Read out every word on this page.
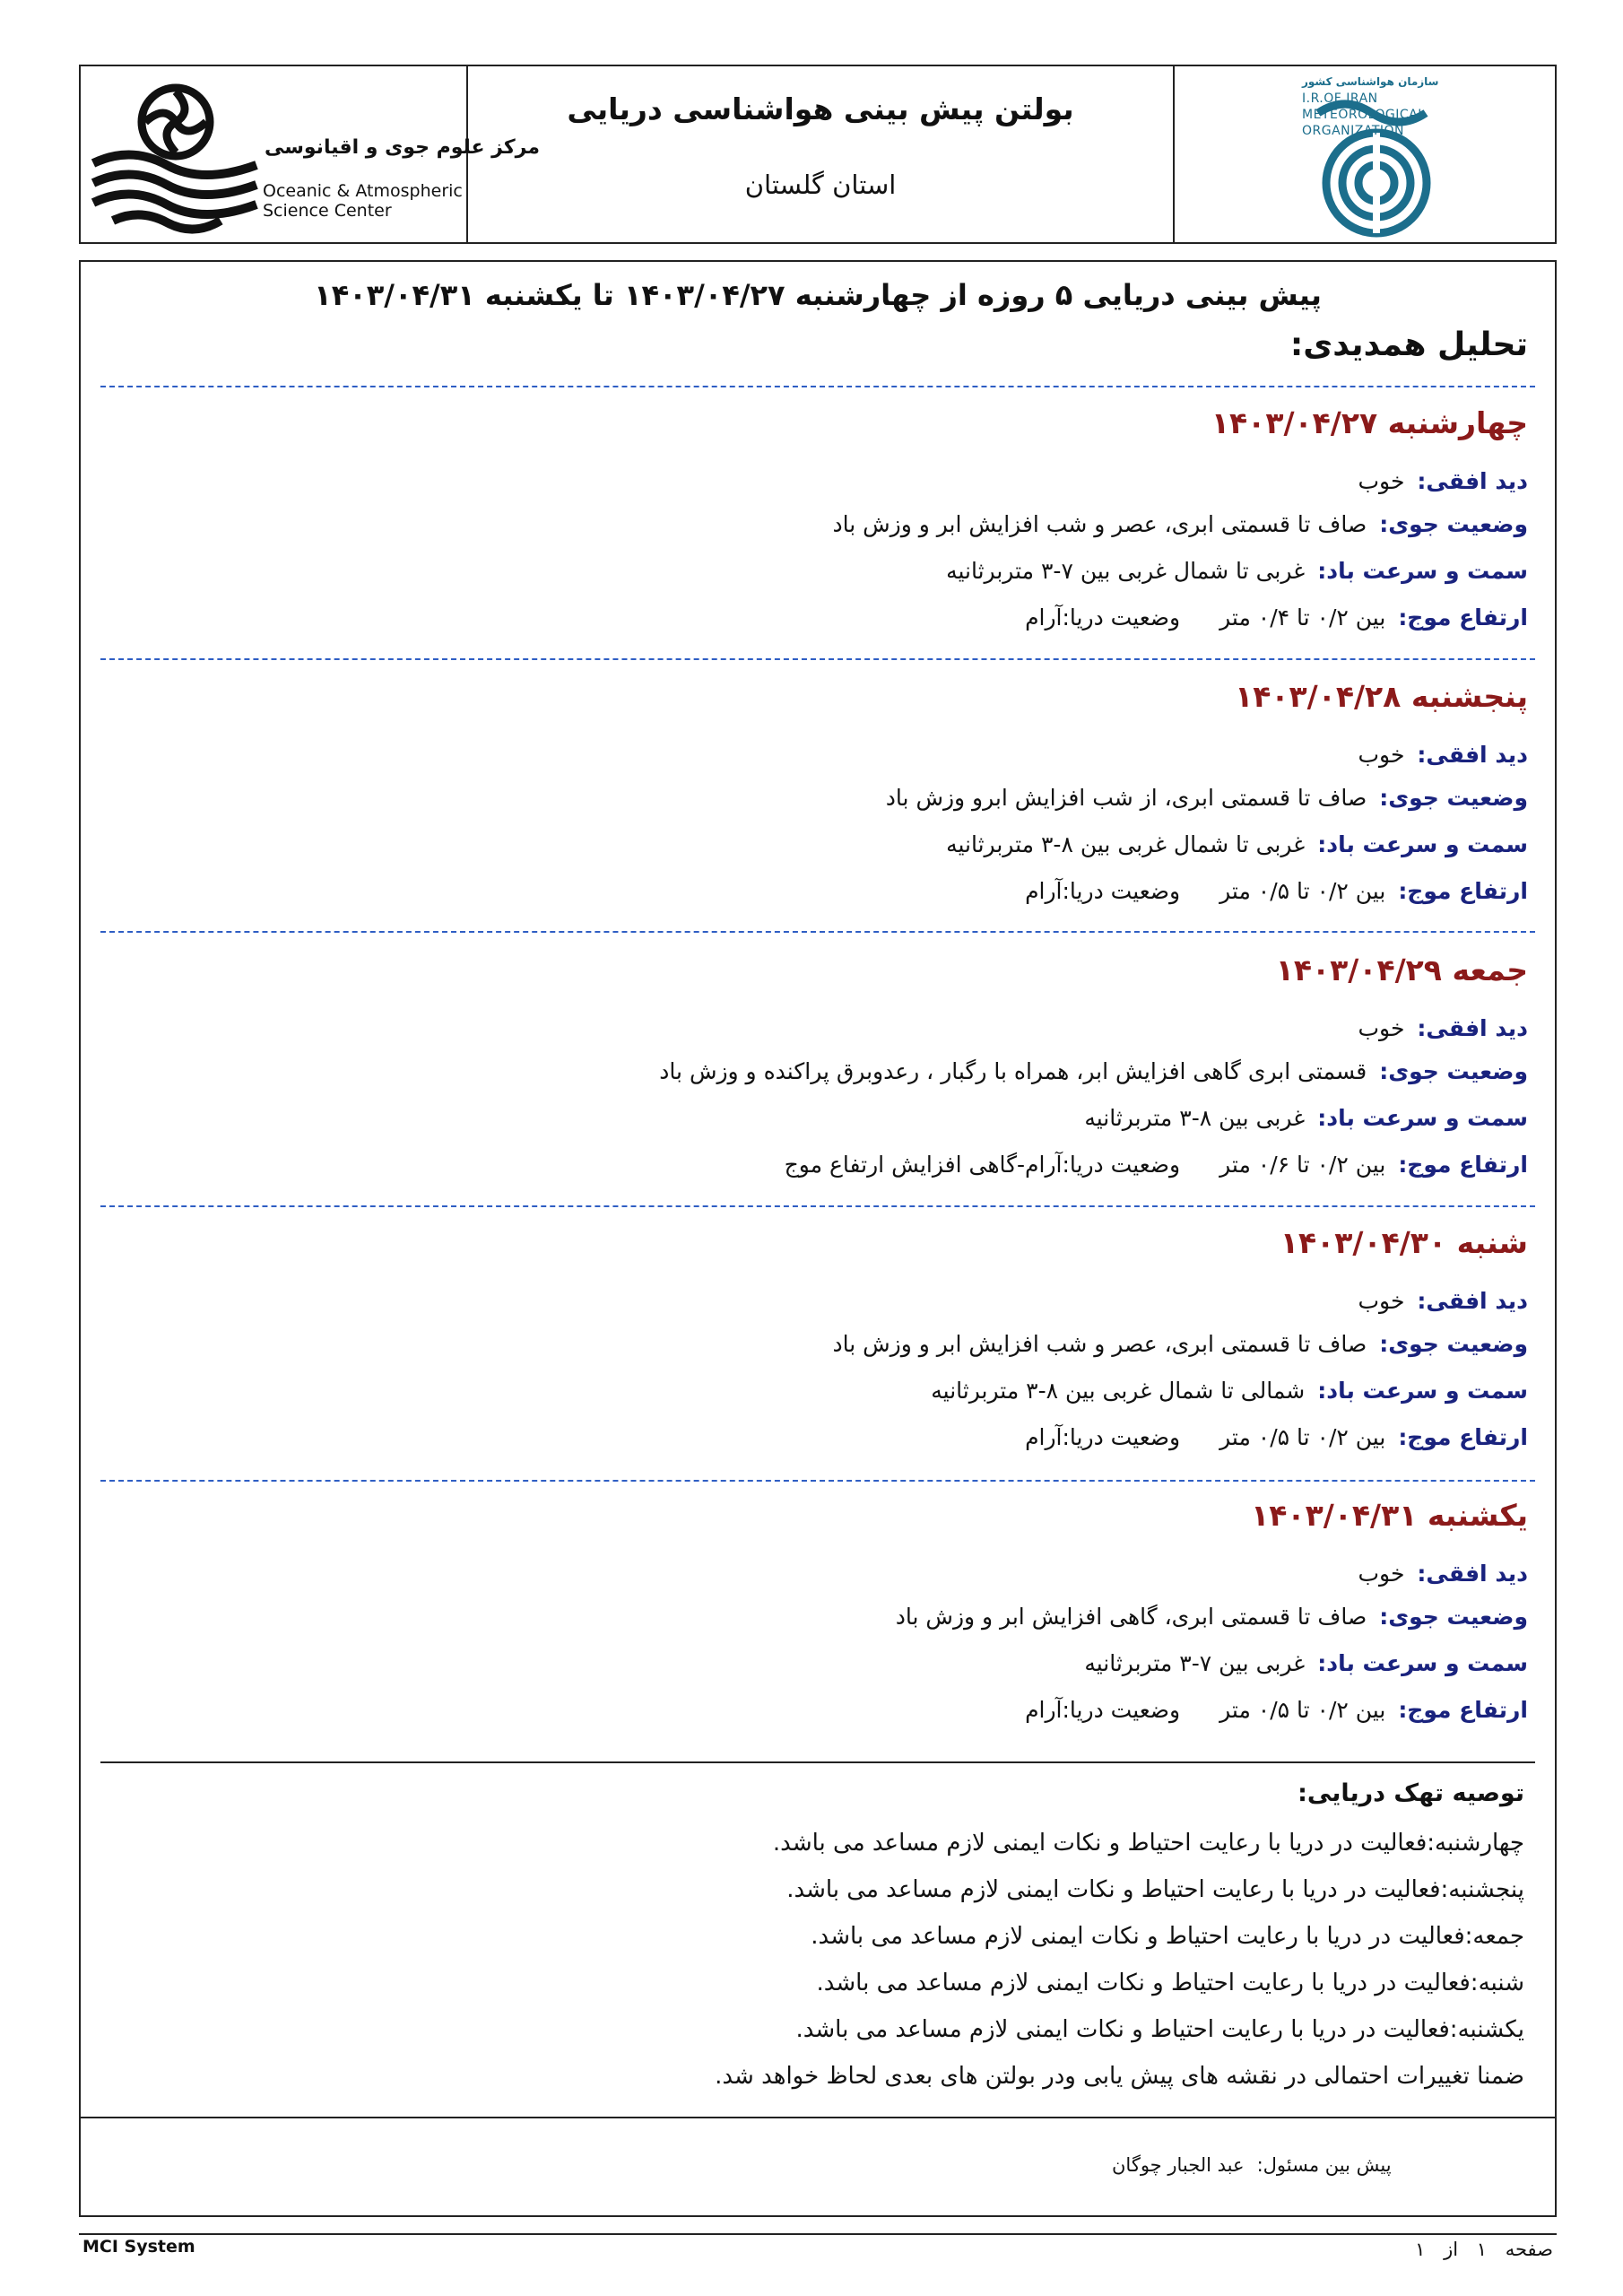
مرکز علوم جوی و اقیانوسی
Oceanic & Atmospheric
Science Center
بولتن پیش بینی هواشناسی دریایی
استان گلستان
سازمان هواشناسی کشور
I.R.OF IRAN
METEOROLOGICAL
ORGANIZATION
پیش بینی دریایی ۵ روزه از چهارشنبه ۱۴۰۳/۰۴/۲۷ تا یکشنبه ۱۴۰۳/۰۴/۳۱
تحلیل همدیدی:
چهارشنبه ۱۴۰۳/۰۴/۲۷
دید افقی:خوب
وضعیت جوی:صاف تا قسمتی ابری، عصر و شب افزایش ابر و وزش باد
سمت و سرعت باد:غربی تا شمال غربی بین ۷-۳ متربرثانیه
ارتفاع موج:بین ۰/۲ تا ۰/۴ متروضعیت دریا:آرام
پنجشنبه ۱۴۰۳/۰۴/۲۸
دید افقی:خوب
وضعیت جوی:صاف تا قسمتی ابری، از شب افزایش ابرو وزش باد
سمت و سرعت باد:غربی تا شمال غربی بین ۸-۳ متربرثانیه
ارتفاع موج:بین ۰/۲ تا ۰/۵ متروضعیت دریا:آرام
جمعه ۱۴۰۳/۰۴/۲۹
دید افقی:خوب
وضعیت جوی:قسمتی ابری گاهی افزایش ابر، همراه با رگبار ، رعدوبرق پراکنده و وزش باد
سمت و سرعت باد:غربی بین ۸-۳ متربرثانیه
ارتفاع موج:بین ۰/۲ تا ۰/۶ متروضعیت دریا:آرام-گاهی افزایش ارتفاع موج
شنبه ۱۴۰۳/۰۴/۳۰
دید افقی:خوب
وضعیت جوی:صاف تا قسمتی ابری، عصر و شب افزایش ابر و وزش باد
سمت و سرعت باد:شمالی تا شمال غربی بین ۸-۳ متربرثانیه
ارتفاع موج:بین ۰/۲ تا ۰/۵ متروضعیت دریا:آرام
یکشنبه ۱۴۰۳/۰۴/۳۱
دید افقی:خوب
وضعیت جوی:صاف تا قسمتی ابری، گاهی افزایش ابر و وزش باد
سمت و سرعت باد:غربی بین ۷-۳ متربرثانیه
ارتفاع موج:بین ۰/۲ تا ۰/۵ متروضعیت دریا:آرام
توصیه تهک دریایی:
چهارشنبه:فعالیت در دریا با رعایت احتیاط و نکات ایمنی لازم مساعد می باشد.
پنجشنبه:فعالیت در دریا با رعایت احتیاط و نکات ایمنی لازم مساعد می باشد.
جمعه:فعالیت در دریا با رعایت احتیاط و نکات ایمنی لازم مساعد می باشد.
شنبه:فعالیت در دریا با رعایت احتیاط و نکات ایمنی لازم مساعد می باشد.
یکشنبه:فعالیت در دریا با رعایت احتیاط و نکات ایمنی لازم مساعد می باشد.
ضمنا تغییرات احتمالی در نقشه های پیش یابی ودر بولتن های بعدی لحاظ خواهد شد.
پیش بین مسئول:عبد الجبار چوگان
MCI System	صفحه ۱ از ۱
